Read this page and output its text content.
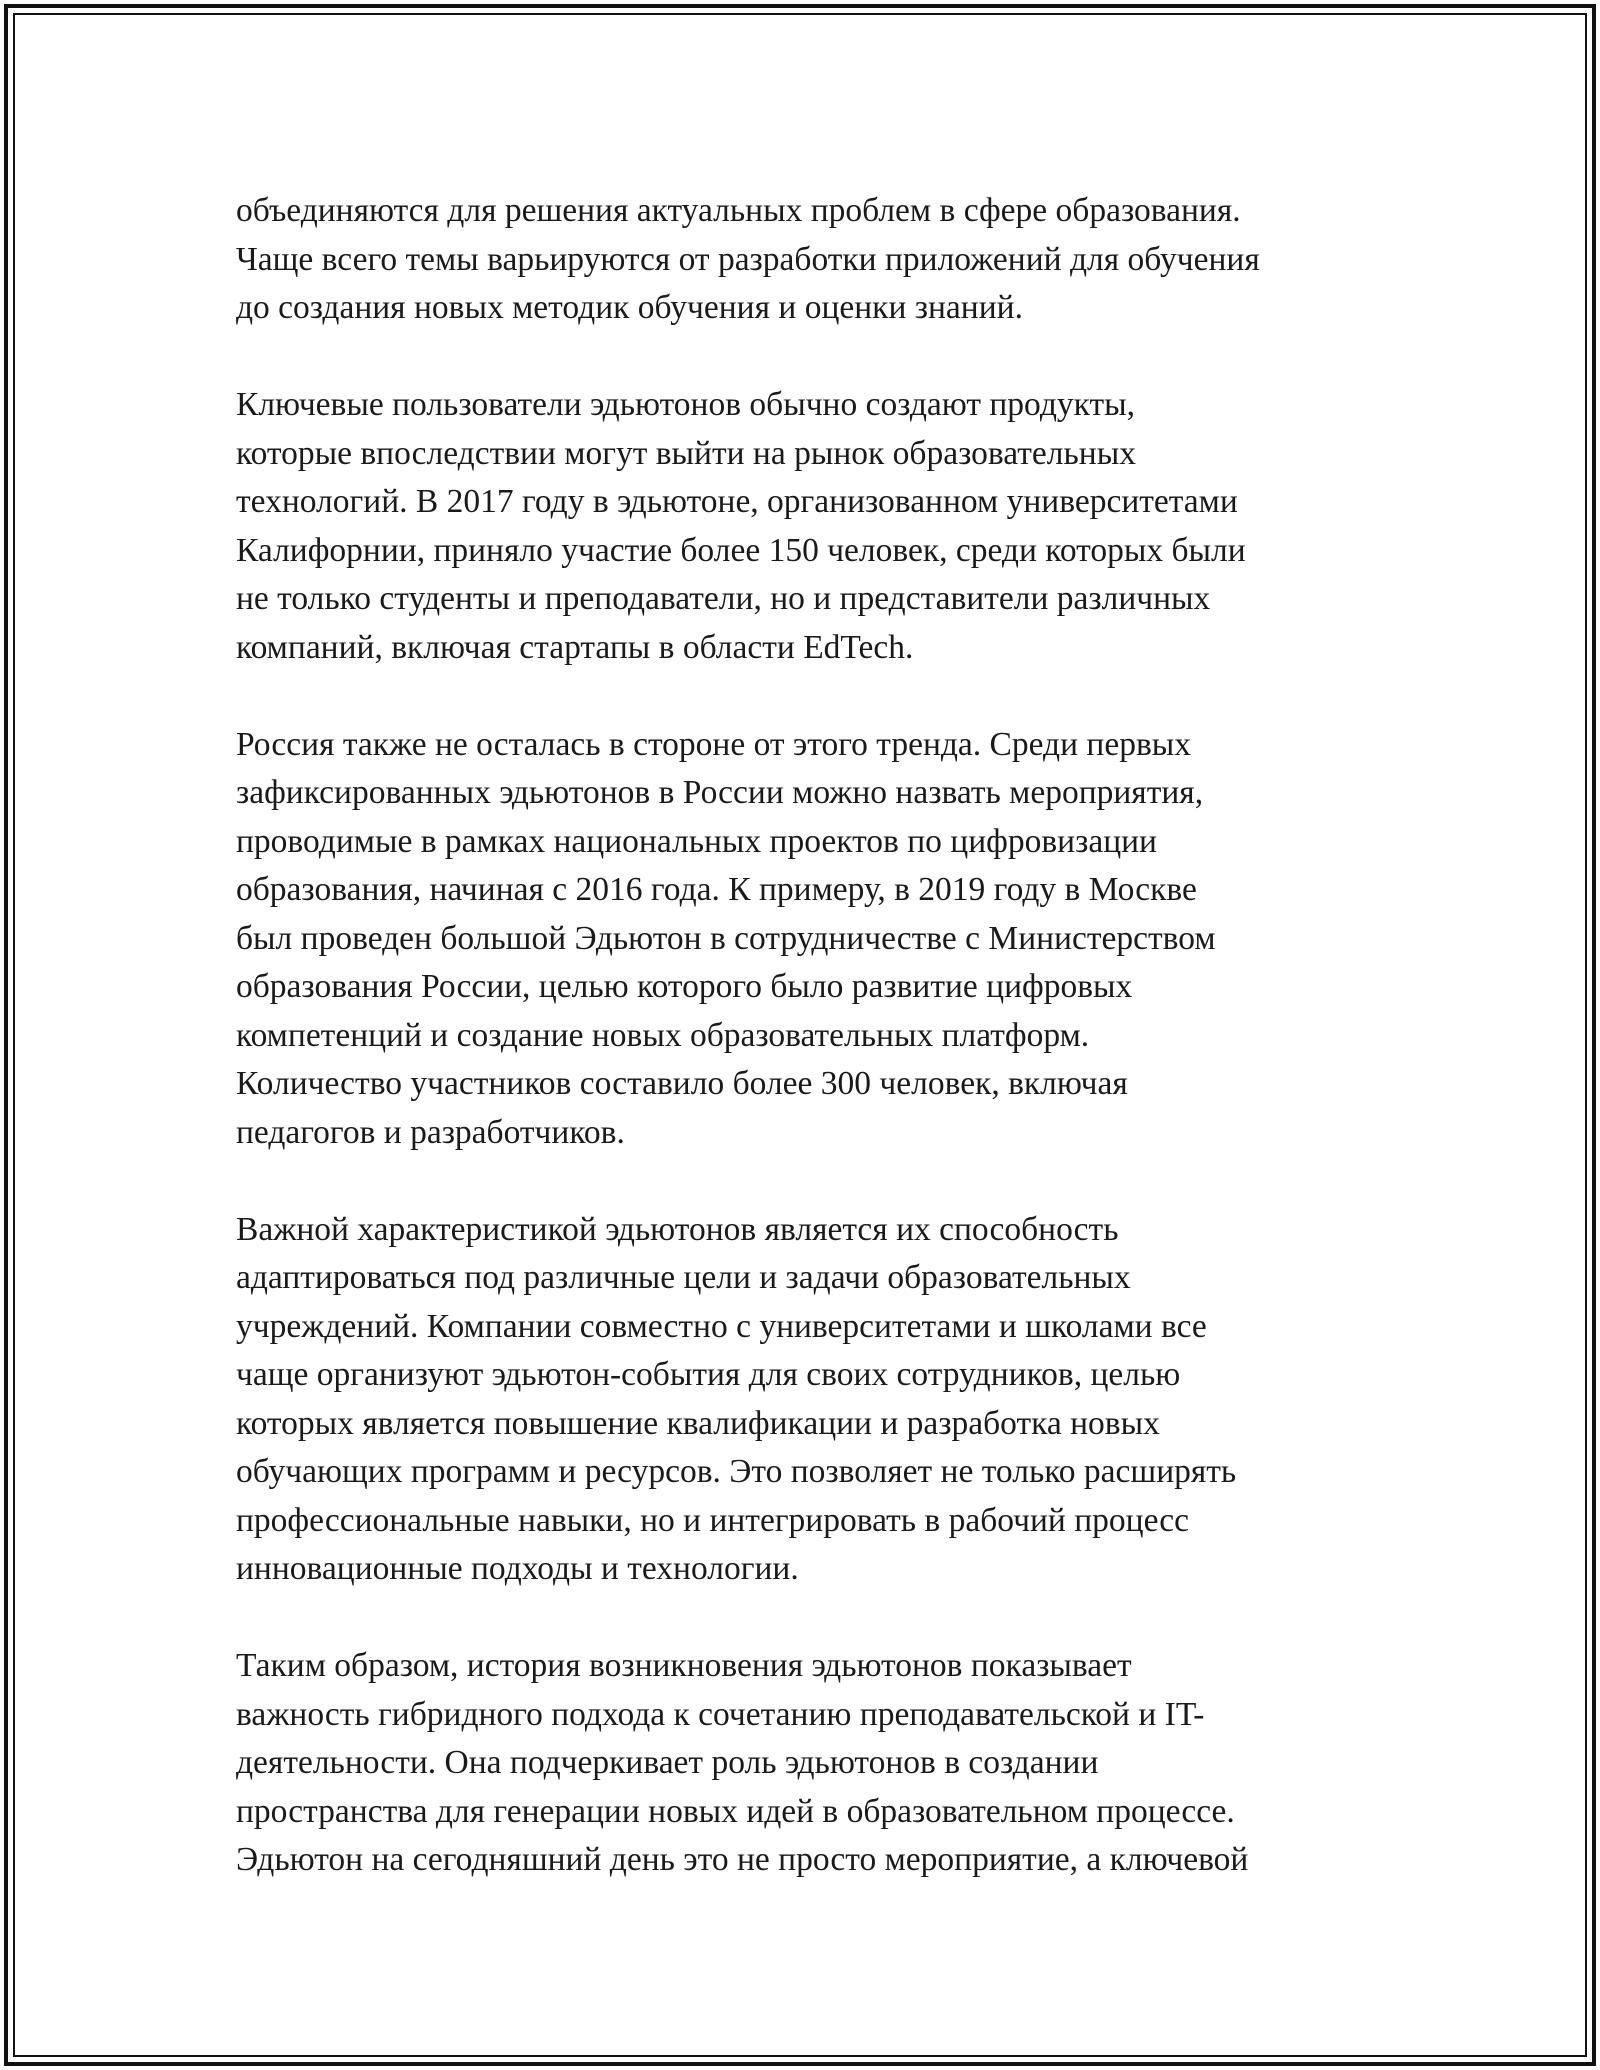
объединяются для решения актуальных проблем в сфере образования.
Чаще всего темы варьируются от разработки приложений для обучения
до создания новых методик обучения и оценки знаний.
Ключевые пользователи эдьютонов обычно создают продукты,
которые впоследствии могут выйти на рынок образовательных
технологий. В 2017 году в эдьютоне, организованном университетами
Калифорнии, приняло участие более 150 человек, среди которых были
не только студенты и преподаватели, но и представители различных
компаний, включая стартапы в области EdTech.
Россия также не осталась в стороне от этого тренда. Среди первых
зафиксированных эдьютонов в России можно назвать мероприятия,
проводимые в рамках национальных проектов по цифровизации
образования, начиная с 2016 года. К примеру, в 2019 году в Москве
был проведен большой Эдьютон в сотрудничестве с Министерством
образования России, целью которого было развитие цифровых
компетенций и создание новых образовательных платформ.
Количество участников составило более 300 человек, включая
педагогов и разработчиков.
Важной характеристикой эдьютонов является их способность
адаптироваться под различные цели и задачи образовательных
учреждений. Компании совместно с университетами и школами все
чаще организуют эдьютон-события для своих сотрудников, целью
которых является повышение квалификации и разработка новых
обучающих программ и ресурсов. Это позволяет не только расширять
профессиональные навыки, но и интегрировать в рабочий процесс
инновационные подходы и технологии.
Таким образом, история возникновения эдьютонов показывает
важность гибридного подхода к сочетанию преподавательской и IT-
деятельности. Она подчеркивает роль эдьютонов в создании
пространства для генерации новых идей в образовательном процессе.
Эдьютон на сегодняшний день это не просто мероприятие, а ключевой
